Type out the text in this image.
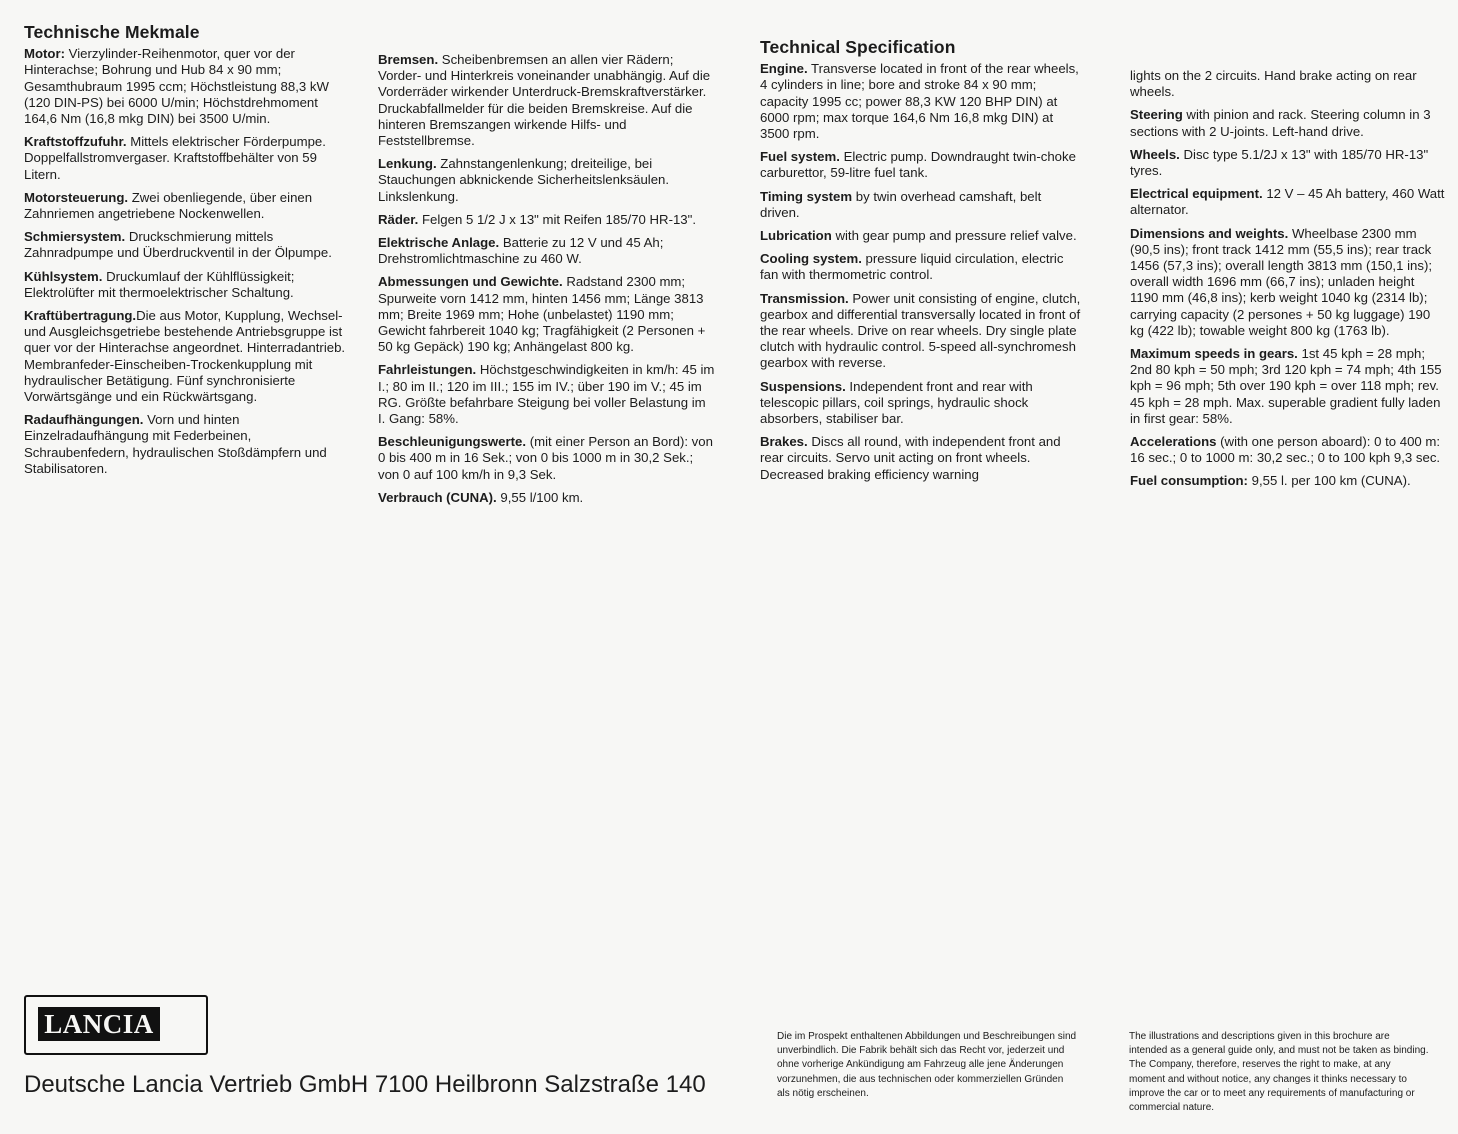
Technische Mekmale

Motor: Vierzylinder-Reihenmotor, quer vor der Hinterachse; Bohrung und Hub 84 x 90 mm; Gesamthubraum 1995 ccm; Höchstleistung 88,3 kW (120 DIN-PS) bei 6000 U/min; Höchstdrehmoment 164,6 Nm (16,8 mkg DIN) bei 3500 U/min.

Kraftstoffzufuhr. Mittels elektrischer Förderpumpe. Doppelfallstromvergaser. Kraftstoffbehälter von 59 Litern.

Motorsteuerung. Zwei obenliegende, über einen Zahnriemen angetriebene Nockenwellen.

Schmiersystem. Druckschmierung mittels Zahnradpumpe und Überdruckventil in der Ölpumpe.

Kühlsystem. Druckumlauf der Kühlflüssigkeit; Elektrolüfter mit thermoelektrischer Schaltung.

Kraftübertragung.Die aus Motor, Kupplung, Wechsel- und Ausgleichsgetriebe bestehende Antriebsgruppe ist quer vor der Hinterachse angeordnet. Hinterradantrieb. Membranfeder-Einscheiben-Trockenkupplung mit hydraulischer Betätigung. Fünf synchronisierte Vorwärtsgänge und ein Rückwärtsgang.

Radaufhängungen. Vorn und hinten Einzelradaufhängung mit Federbeinen, Schraubenfedern, hydraulischen Stoßdämpfern und Stabilisatoren.

Bremsen. Scheibenbremsen an allen vier Rädern; Vorder- und Hinterkreis voneinander unabhängig. Auf die Vorderräder wirkender Unterdruck-Bremskraftverstärker. Druckabfallmelder für die beiden Bremskreise. Auf die hinteren Bremszangen wirkende Hilfs- und Feststellbremse.

Lenkung. Zahnstangenlenkung; dreiteilige, bei Stauchungen abknickende Sicherheitslenksäulen. Linkslenkung.

Räder. Felgen 5 1/2 J x 13" mit Reifen 185/70 HR-13".

Elektrische Anlage. Batterie zu 12 V und 45 Ah; Drehstromlichtmaschine zu 460 W.

Abmessungen und Gewichte. Radstand 2300 mm; Spurweite vorn 1412 mm, hinten 1456 mm; Länge 3813 mm; Breite 1969 mm; Hohe (unbelastet) 1190 mm; Gewicht fahrbereit 1040 kg; Tragfähigkeit (2 Personen + 50 kg Gepäck) 190 kg; Anhängelast 800 kg.

Fahrleistungen. Höchstgeschwindigkeiten in km/h: 45 im I.; 80 im II.; 120 im III.; 155 im IV.; über 190 im V.; 45 im RG. Größte befahrbare Steigung bei voller Belastung im I. Gang: 58%.

Beschleunigungswerte. (mit einer Person an Bord): von 0 bis 400 m in 16 Sek.; von 0 bis 1000 m in 30,2 Sek.; von 0 auf 100 km/h in 9,3 Sek.

Verbrauch (CUNA). 9,55 l/100 km.

Technical Specification

Engine. Transverse located in front of the rear wheels, 4 cylinders in line; bore and stroke 84 x 90 mm; capacity 1995 cc; power 88,3 KW 120 BHP DIN) at 6000 rpm; max torque 164,6 Nm 16,8 mkg DIN) at 3500 rpm.

Fuel system. Electric pump. Downdraught twin-choke carburettor, 59-litre fuel tank.

Timing system by twin overhead camshaft, belt driven.

Lubrication with gear pump and pressure relief valve.

Cooling system. pressure liquid circulation, electric fan with thermometric control.

Transmission. Power unit consisting of engine, clutch, gearbox and differential transversally located in front of the rear wheels. Drive on rear wheels. Dry single plate clutch with hydraulic control. 5-speed all-synchromesh gearbox with reverse.

Suspensions. Independent front and rear with telescopic pillars, coil springs, hydraulic shock absorbers, stabiliser bar.

Brakes. Discs all round, with independent front and rear circuits. Servo unit acting on front wheels. Decreased braking efficiency warning

lights on the 2 circuits. Hand brake acting on rear wheels.

Steering with pinion and rack. Steering column in 3 sections with 2 U-joints. Left-hand drive.

Wheels. Disc type 5.1/2J x 13" with 185/70 HR-13" tyres.

Electrical equipment. 12 V – 45 Ah battery, 460 Watt alternator.

Dimensions and weights. Wheelbase 2300 mm (90,5 ins); front track 1412 mm (55,5 ins); rear track 1456 (57,3 ins); overall length 3813 mm (150,1 ins); overall width 1696 mm (66,7 ins); unladen height 1190 mm (46,8 ins); kerb weight 1040 kg (2314 lb); carrying capacity (2 persones + 50 kg luggage) 190 kg (422 lb); towable weight 800 kg (1763 lb).

Maximum speeds in gears. 1st 45 kph = 28 mph; 2nd 80 kph = 50 mph; 3rd 120 kph = 74 mph; 4th 155 kph = 96 mph; 5th over 190 kph = over 118 mph; rev. 45 kph = 28 mph. Max. superable gradient fully laden in first gear: 58%.

Accelerations (with one person aboard): 0 to 400 m: 16 sec.; 0 to 1000 m: 30,2 sec.; 0 to 100 kph 9,3 sec.

Fuel consumption: 9,55 l. per 100 km (CUNA).

LANCIA
Deutsche Lancia Vertrieb GmbH 7100 Heilbronn Salzstraße 140
Die im Prospekt enthaltenen Abbildungen und Beschreibungen sind unverbindlich. Die Fabrik behält sich das Recht vor, jederzeit und ohne vorherige Ankündigung am Fahrzeug alle jene Änderungen vorzunehmen, die aus technischen oder kommerziellen Gründen als nötig erscheinen.
The illustrations and descriptions given in this brochure are intended as a general guide only, and must not be taken as binding. The Company, therefore, reserves the right to make, at any moment and without notice, any changes it thinks necessary to improve the car or to meet any requirements of manufacturing or commercial nature.
